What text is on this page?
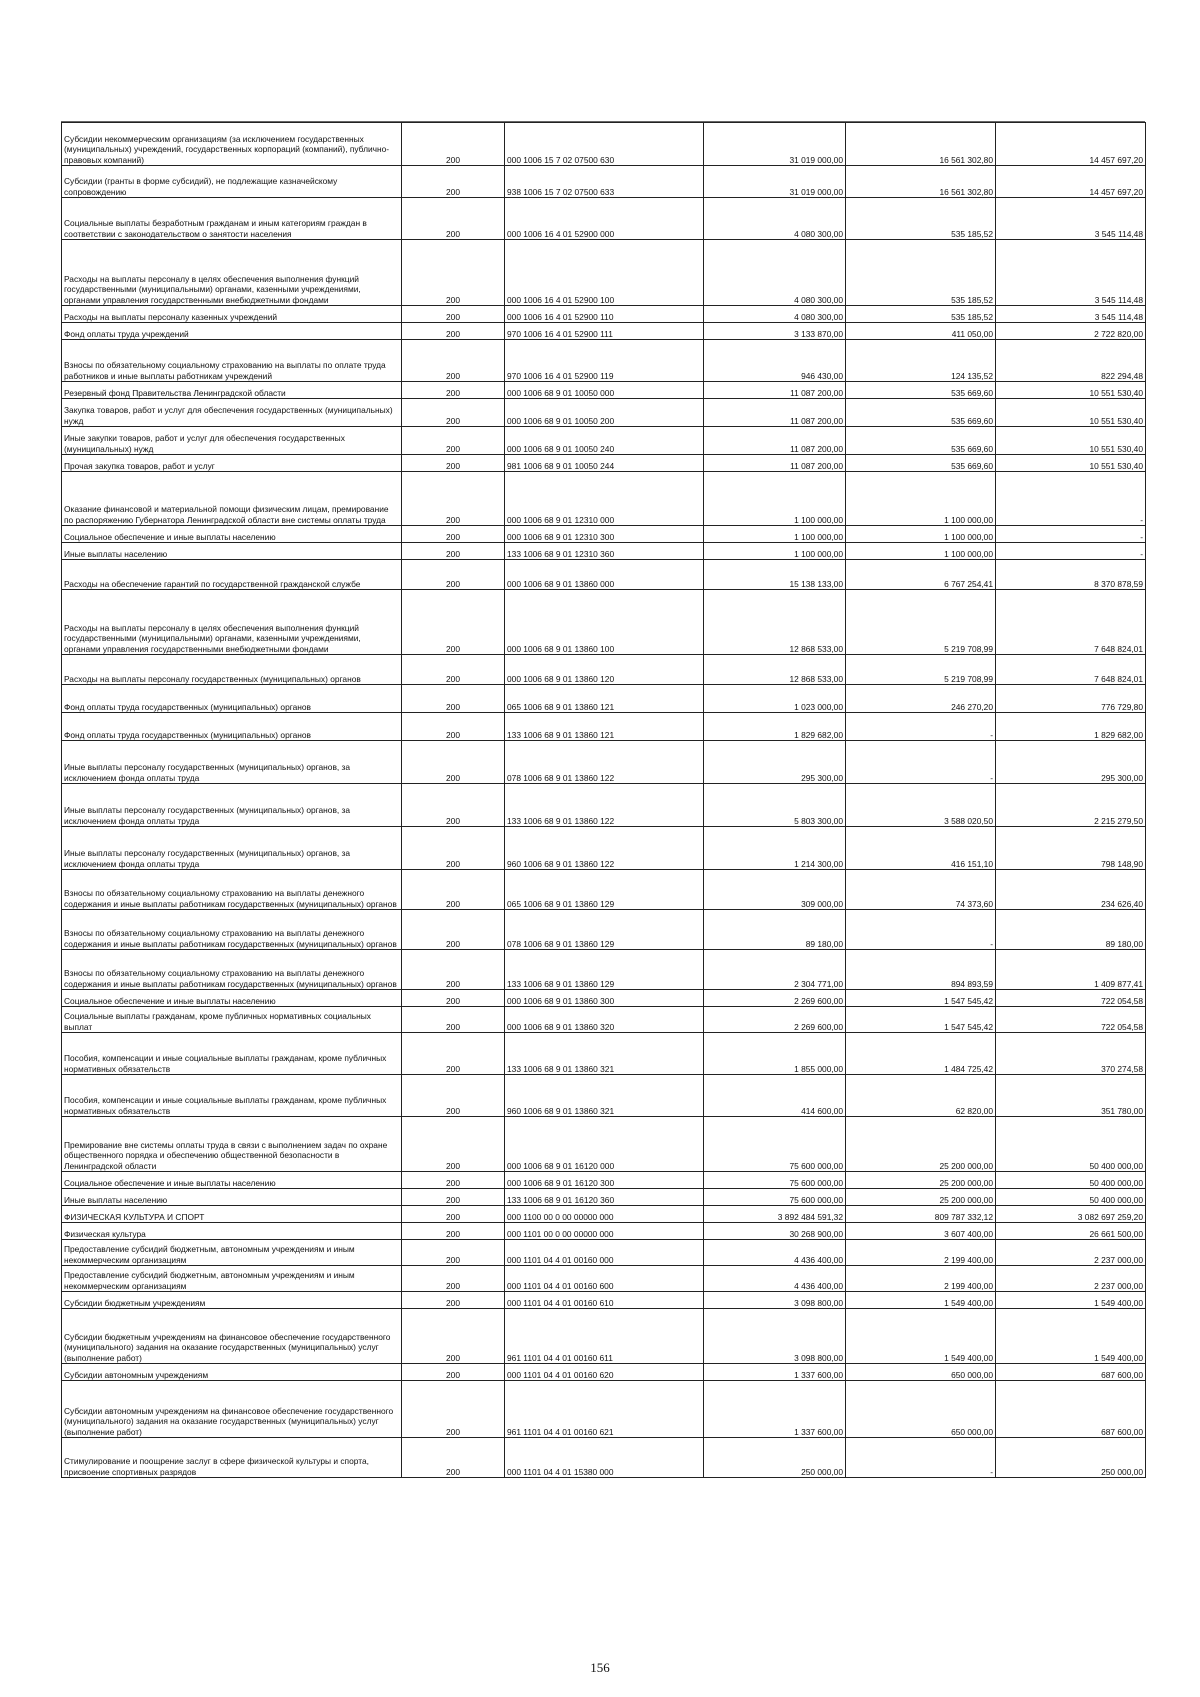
Субсидии некоммерческим организациям (за исключением государственных (муниципальных) учреждений, государственных корпораций (компаний), публично-правовых компаний)	200	000 1006 15 7 02 07500 630	31 019 000,00	16 561 302,80	14 457 697,20
Субсидии (гранты в форме субсидий), не подлежащие казначейскому сопровождению	200	938 1006 15 7 02 07500 633	31 019 000,00	16 561 302,80	14 457 697,20
Социальные выплаты безработным гражданам и иным категориям граждан в соответствии с законодательством о занятости населения	200	000 1006 16 4 01 52900 000	4 080 300,00	535 185,52	3 545 114,48
Расходы на выплаты персоналу в целях обеспечения выполнения функций государственными (муниципальными) органами, казенными учреждениями, органами управления государственными внебюджетными фондами	200	000 1006 16 4 01 52900 100	4 080 300,00	535 185,52	3 545 114,48
Расходы на выплаты персоналу казенных учреждений	200	000 1006 16 4 01 52900 110	4 080 300,00	535 185,52	3 545 114,48
Фонд оплаты труда учреждений	200	970 1006 16 4 01 52900 111	3 133 870,00	411 050,00	2 722 820,00
Взносы по обязательному социальному страхованию на выплаты по оплате труда работников и иные выплаты работникам учреждений	200	970 1006 16 4 01 52900 119	946 430,00	124 135,52	822 294,48
Резервный фонд Правительства Ленинградской области	200	000 1006 68 9 01 10050 000	11 087 200,00	535 669,60	10 551 530,40
Закупка товаров, работ и услуг для обеспечения государственных (муниципальных) нужд	200	000 1006 68 9 01 10050 200	11 087 200,00	535 669,60	10 551 530,40
Иные закупки товаров, работ и услуг для обеспечения государственных (муниципальных) нужд	200	000 1006 68 9 01 10050 240	11 087 200,00	535 669,60	10 551 530,40
Прочая закупка товаров, работ и услуг	200	981 1006 68 9 01 10050 244	11 087 200,00	535 669,60	10 551 530,40
Оказание финансовой и материальной помощи физическим лицам, премирование по распоряжению Губернатора Ленинградской области вне системы оплаты труда	200	000 1006 68 9 01 12310 000	1 100 000,00	1 100 000,00	-
Социальное обеспечение и иные выплаты населению	200	000 1006 68 9 01 12310 300	1 100 000,00	1 100 000,00	-
Иные выплаты населению	200	133 1006 68 9 01 12310 360	1 100 000,00	1 100 000,00	-
Расходы на обеспечение гарантий по государственной гражданской службе	200	000 1006 68 9 01 13860 000	15 138 133,00	6 767 254,41	8 370 878,59
Расходы на выплаты персоналу в целях обеспечения выполнения функций государственными (муниципальными) органами, казенными учреждениями, органами управления государственными внебюджетными фондами	200	000 1006 68 9 01 13860 100	12 868 533,00	5 219 708,99	7 648 824,01
Расходы на выплаты персоналу государственных (муниципальных) органов	200	000 1006 68 9 01 13860 120	12 868 533,00	5 219 708,99	7 648 824,01
Фонд оплаты труда государственных (муниципальных) органов	200	065 1006 68 9 01 13860 121	1 023 000,00	246 270,20	776 729,80
Фонд оплаты труда государственных (муниципальных) органов	200	133 1006 68 9 01 13860 121	1 829 682,00	-	1 829 682,00
Иные выплаты персоналу государственных (муниципальных) органов, за исключением фонда оплаты труда	200	078 1006 68 9 01 13860 122	295 300,00	-	295 300,00
Иные выплаты персоналу государственных (муниципальных) органов, за исключением фонда оплаты труда	200	133 1006 68 9 01 13860 122	5 803 300,00	3 588 020,50	2 215 279,50
Иные выплаты персоналу государственных (муниципальных) органов, за исключением фонда оплаты труда	200	960 1006 68 9 01 13860 122	1 214 300,00	416 151,10	798 148,90
Взносы по обязательному социальному страхованию на выплаты денежного содержания и иные выплаты работникам государственных (муниципальных) органов	200	065 1006 68 9 01 13860 129	309 000,00	74 373,60	234 626,40
Взносы по обязательному социальному страхованию на выплаты денежного содержания и иные выплаты работникам государственных (муниципальных) органов	200	078 1006 68 9 01 13860 129	89 180,00	-	89 180,00
Взносы по обязательному социальному страхованию на выплаты денежного содержания и иные выплаты работникам государственных (муниципальных) органов	200	133 1006 68 9 01 13860 129	2 304 771,00	894 893,59	1 409 877,41
Социальное обеспечение и иные выплаты населению	200	000 1006 68 9 01 13860 300	2 269 600,00	1 547 545,42	722 054,58
Социальные выплаты гражданам, кроме публичных нормативных социальных выплат	200	000 1006 68 9 01 13860 320	2 269 600,00	1 547 545,42	722 054,58
Пособия, компенсации и иные социальные выплаты гражданам, кроме публичных нормативных обязательств	200	133 1006 68 9 01 13860 321	1 855 000,00	1 484 725,42	370 274,58
Пособия, компенсации и иные социальные выплаты гражданам, кроме публичных нормативных обязательств	200	960 1006 68 9 01 13860 321	414 600,00	62 820,00	351 780,00
Премирование вне системы оплаты труда в связи с выполнением задач по охране общественного порядка и обеспечению общественной безопасности в Ленинградской области	200	000 1006 68 9 01 16120 000	75 600 000,00	25 200 000,00	50 400 000,00
Социальное обеспечение и иные выплаты населению	200	000 1006 68 9 01 16120 300	75 600 000,00	25 200 000,00	50 400 000,00
Иные выплаты населению	200	133 1006 68 9 01 16120 360	75 600 000,00	25 200 000,00	50 400 000,00
ФИЗИЧЕСКАЯ КУЛЬТУРА И СПОРТ	200	000 1100 00 0 00 00000 000	3 892 484 591,32	809 787 332,12	3 082 697 259,20
Физическая культура	200	000 1101 00 0 00 00000 000	30 268 900,00	3 607 400,00	26 661 500,00
Предоставление субсидий бюджетным, автономным учреждениям и иным некоммерческим организациям	200	000 1101 04 4 01 00160 000	4 436 400,00	2 199 400,00	2 237 000,00
Предоставление субсидий бюджетным, автономным учреждениям и иным некоммерческим организациям	200	000 1101 04 4 01 00160 600	4 436 400,00	2 199 400,00	2 237 000,00
Субсидии бюджетным учреждениям	200	000 1101 04 4 01 00160 610	3 098 800,00	1 549 400,00	1 549 400,00
Субсидии бюджетным учреждениям на финансовое обеспечение государственного (муниципального) задания на оказание государственных (муниципальных) услуг (выполнение работ)	200	961 1101 04 4 01 00160 611	3 098 800,00	1 549 400,00	1 549 400,00
Субсидии автономным учреждениям	200	000 1101 04 4 01 00160 620	1 337 600,00	650 000,00	687 600,00
Субсидии автономным учреждениям на финансовое обеспечение государственного (муниципального) задания на оказание государственных (муниципальных) услуг (выполнение работ)	200	961 1101 04 4 01 00160 621	1 337 600,00	650 000,00	687 600,00
Стимулирование и поощрение заслуг в сфере физической культуры и спорта, присвоение спортивных разрядов	200	000 1101 04 4 01 15380 000	250 000,00	-	250 000,00
156
